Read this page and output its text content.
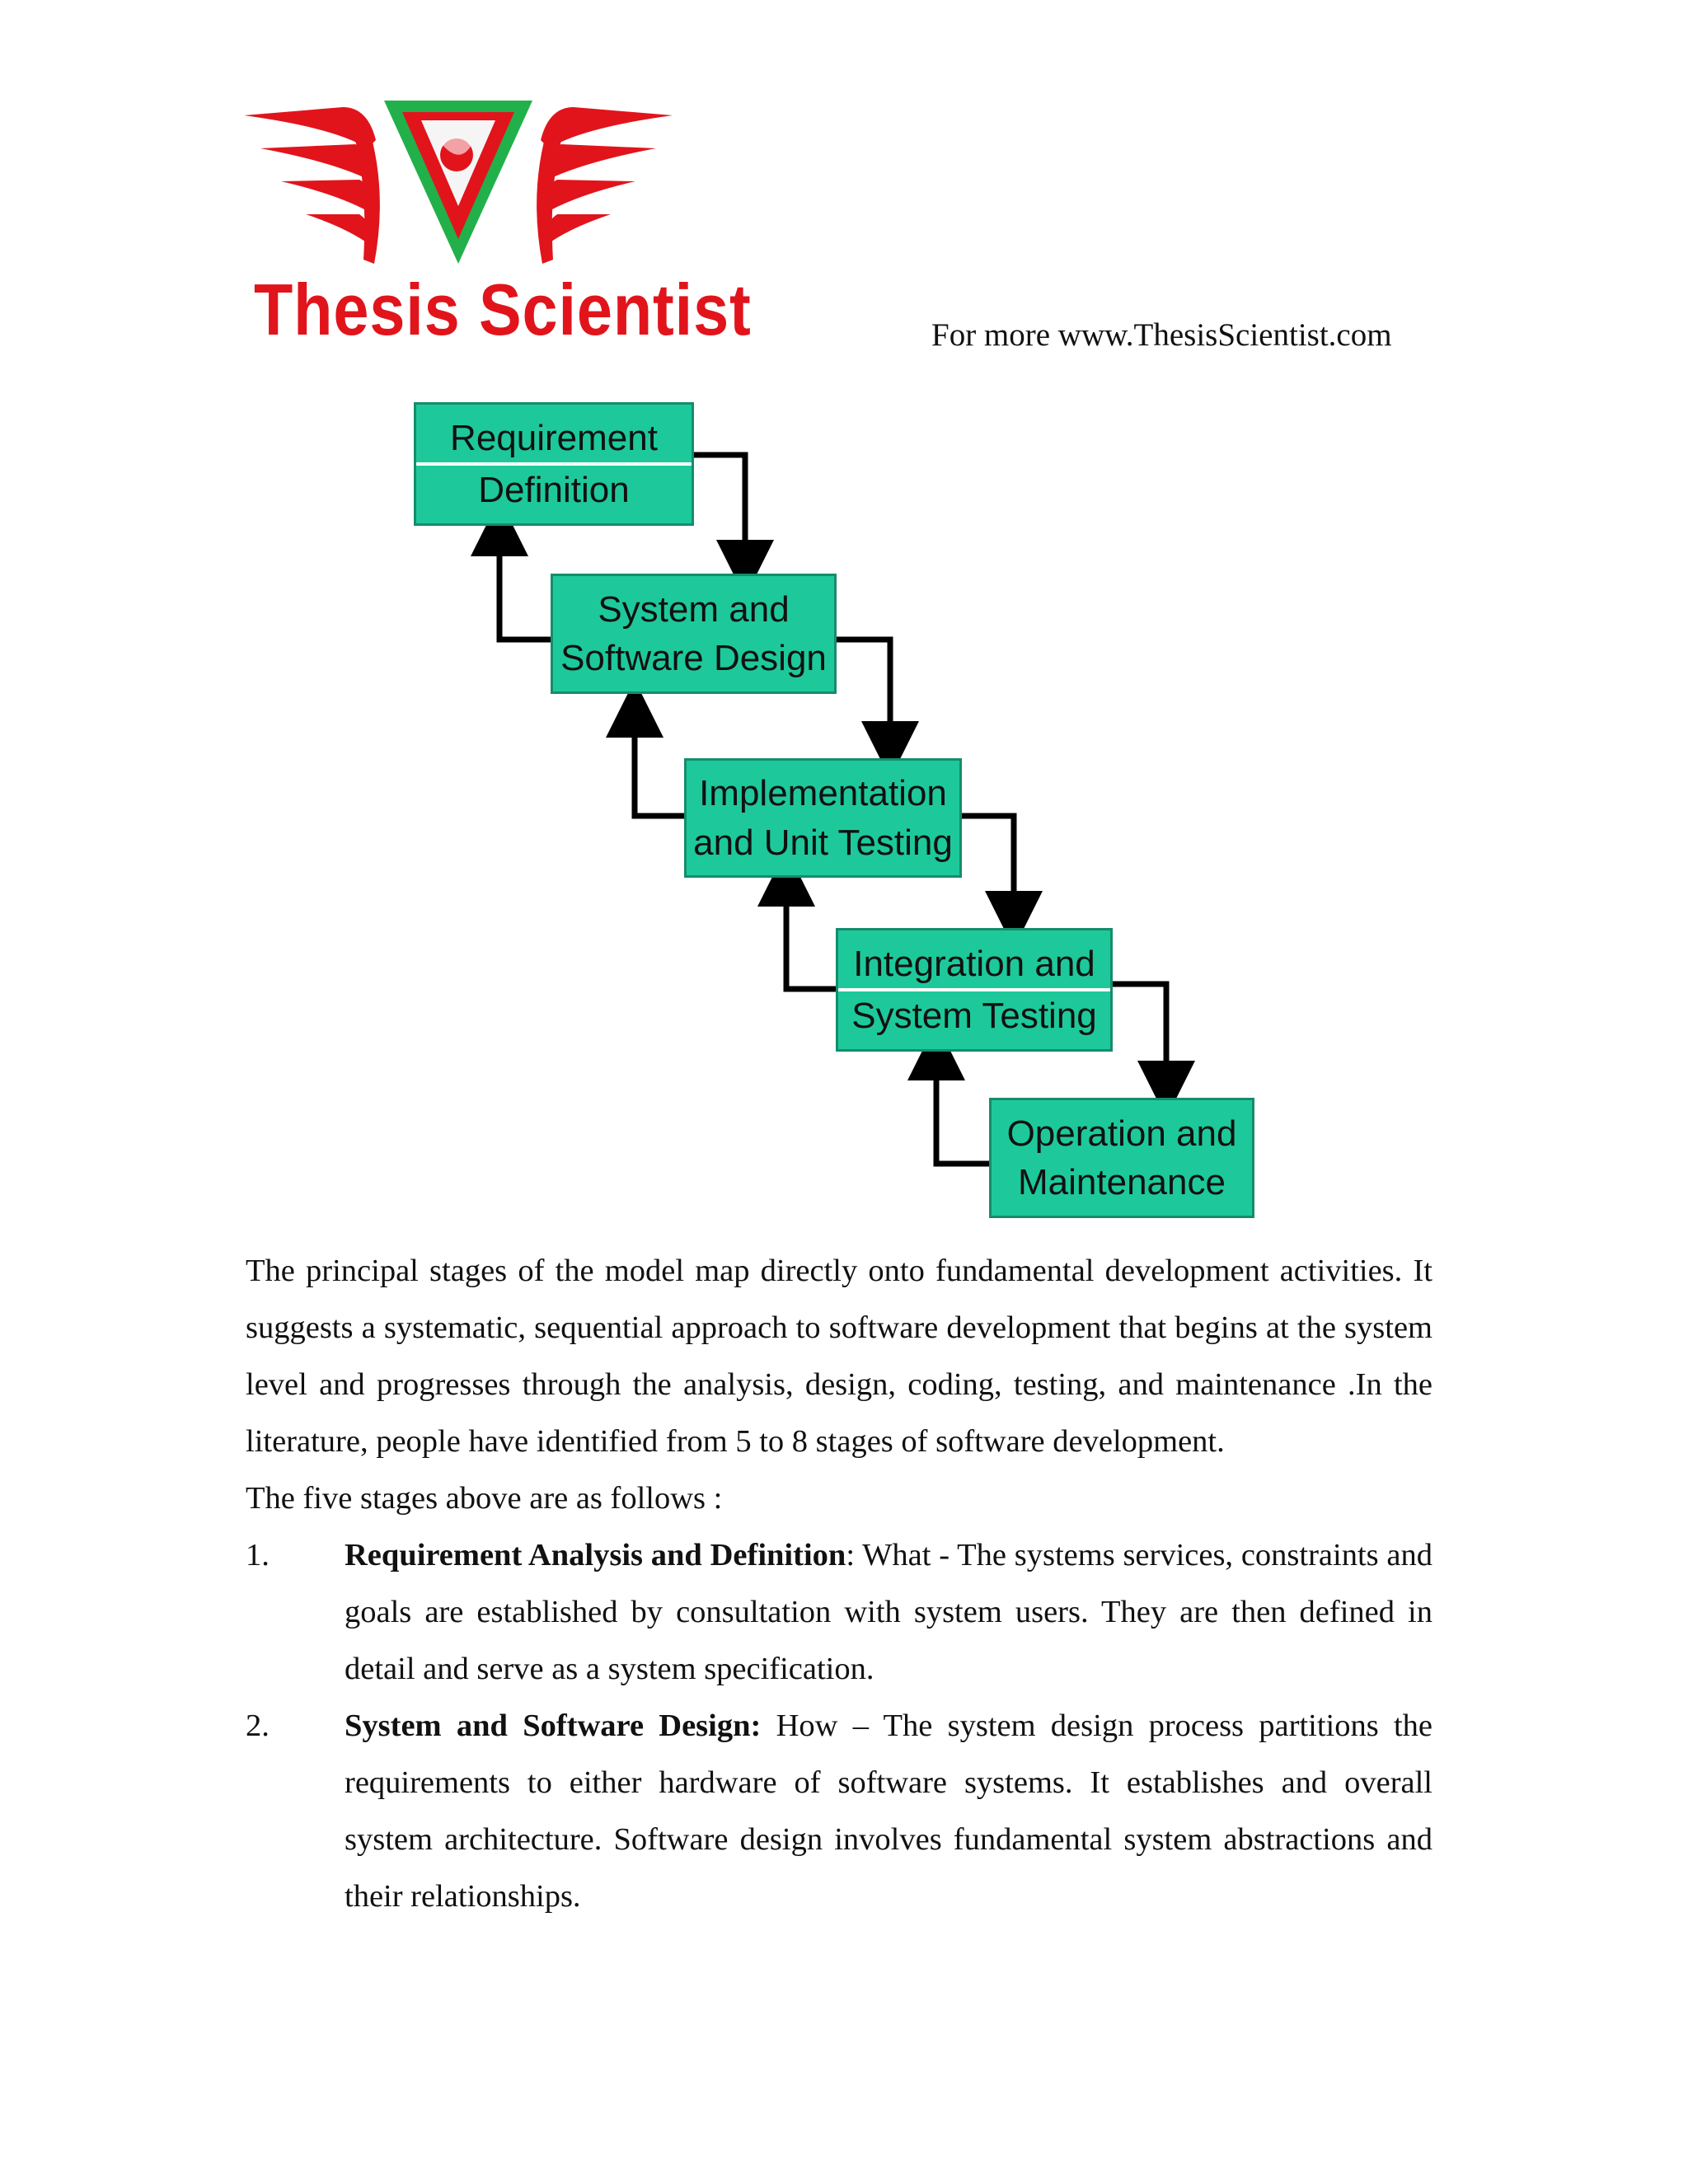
Thesis Scientist	For more www.ThesisScientist.com
Requirement
Definition
System and
Software Design
Implementation
and Unit Testing
Integration and
System Testing
Operation and
Maintenance

The principal stages of the model map directly onto fundamental development activities. It suggests a systematic, sequential approach to software development that begins at the system level and progresses through the analysis, design, coding, testing, and maintenance .In the literature, people have identified from 5 to 8 stages of software development.

The five stages above are as follows :

1.	Requirement Analysis and Definition: What - The systems services, constraints and goals are established by consultation with system users. They are then defined in detail and serve as a system specification.

2.	System and Software Design: How – The system design process partitions the requirements to either hardware of software systems. It establishes and overall system architecture. Software design involves fundamental system abstractions and their relationships.
